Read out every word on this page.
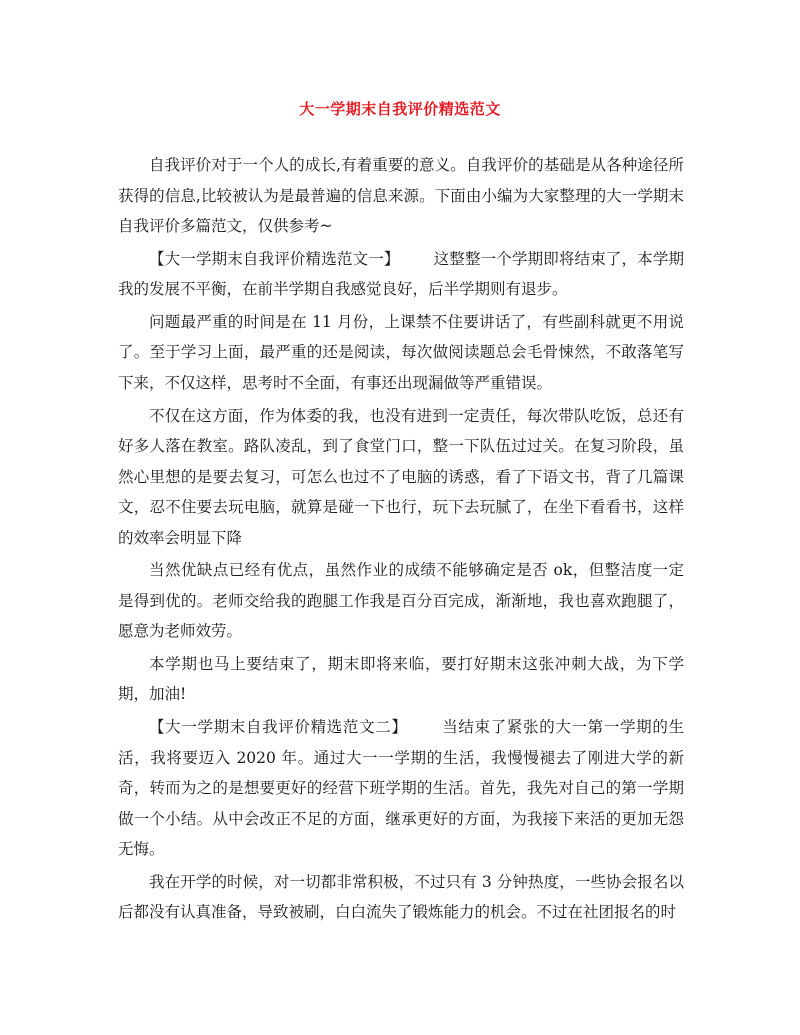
大一学期末自我评价精选范文

自我评价对于一个人的成长,有着重要的意义。自我评价的基础是从各种途径所获得的信息,比较被认为是最普遍的信息来源。下面由小编为大家整理的大一学期末自我评价多篇范文，仅供参考~

【大一学期末自我评价精选范文一】 这整整一个学期即将结束了，本学期我的发展不平衡，在前半学期自我感觉良好，后半学期则有退步。

问题最严重的时间是在 11 月份，上课禁不住要讲话了，有些副科就更不用说了。至于学习上面，最严重的还是阅读，每次做阅读题总会毛骨悚然，不敢落笔写下来，不仅这样，思考时不全面，有事还出现漏做等严重错误。

不仅在这方面，作为体委的我，也没有进到一定责任，每次带队吃饭，总还有好多人落在教室。路队凌乱，到了食堂门口，整一下队伍过过关。在复习阶段，虽然心里想的是要去复习，可怎么也过不了电脑的诱惑，看了下语文书，背了几篇课文，忍不住要去玩电脑，就算是碰一下也行，玩下去玩腻了，在坐下看看书，这样的效率会明显下降

当然优缺点已经有优点，虽然作业的成绩不能够确定是否 ok，但整洁度一定是得到优的。老师交给我的跑腿工作我是百分百完成，渐渐地，我也喜欢跑腿了，愿意为老师效劳。

本学期也马上要结束了，期末即将来临，要打好期末这张冲刺大战，为下学期，加油!

【大一学期末自我评价精选范文二】 当结束了紧张的大一第一学期的生活，我将要迈入 2020 年。通过大一一学期的生活，我慢慢褪去了刚进大学的新奇，转而为之的是想要更好的经营下班学期的生活。首先，我先对自己的第一学期做一个小结。从中会改正不足的方面，继承更好的方面，为我接下来活的更加无怨无悔。

我在开学的时候，对一切都非常积极，不过只有 3 分钟热度，一些协会报名以后都没有认真准备，导致被刷，白白流失了锻炼能力的机会。不过在社团报名的时
